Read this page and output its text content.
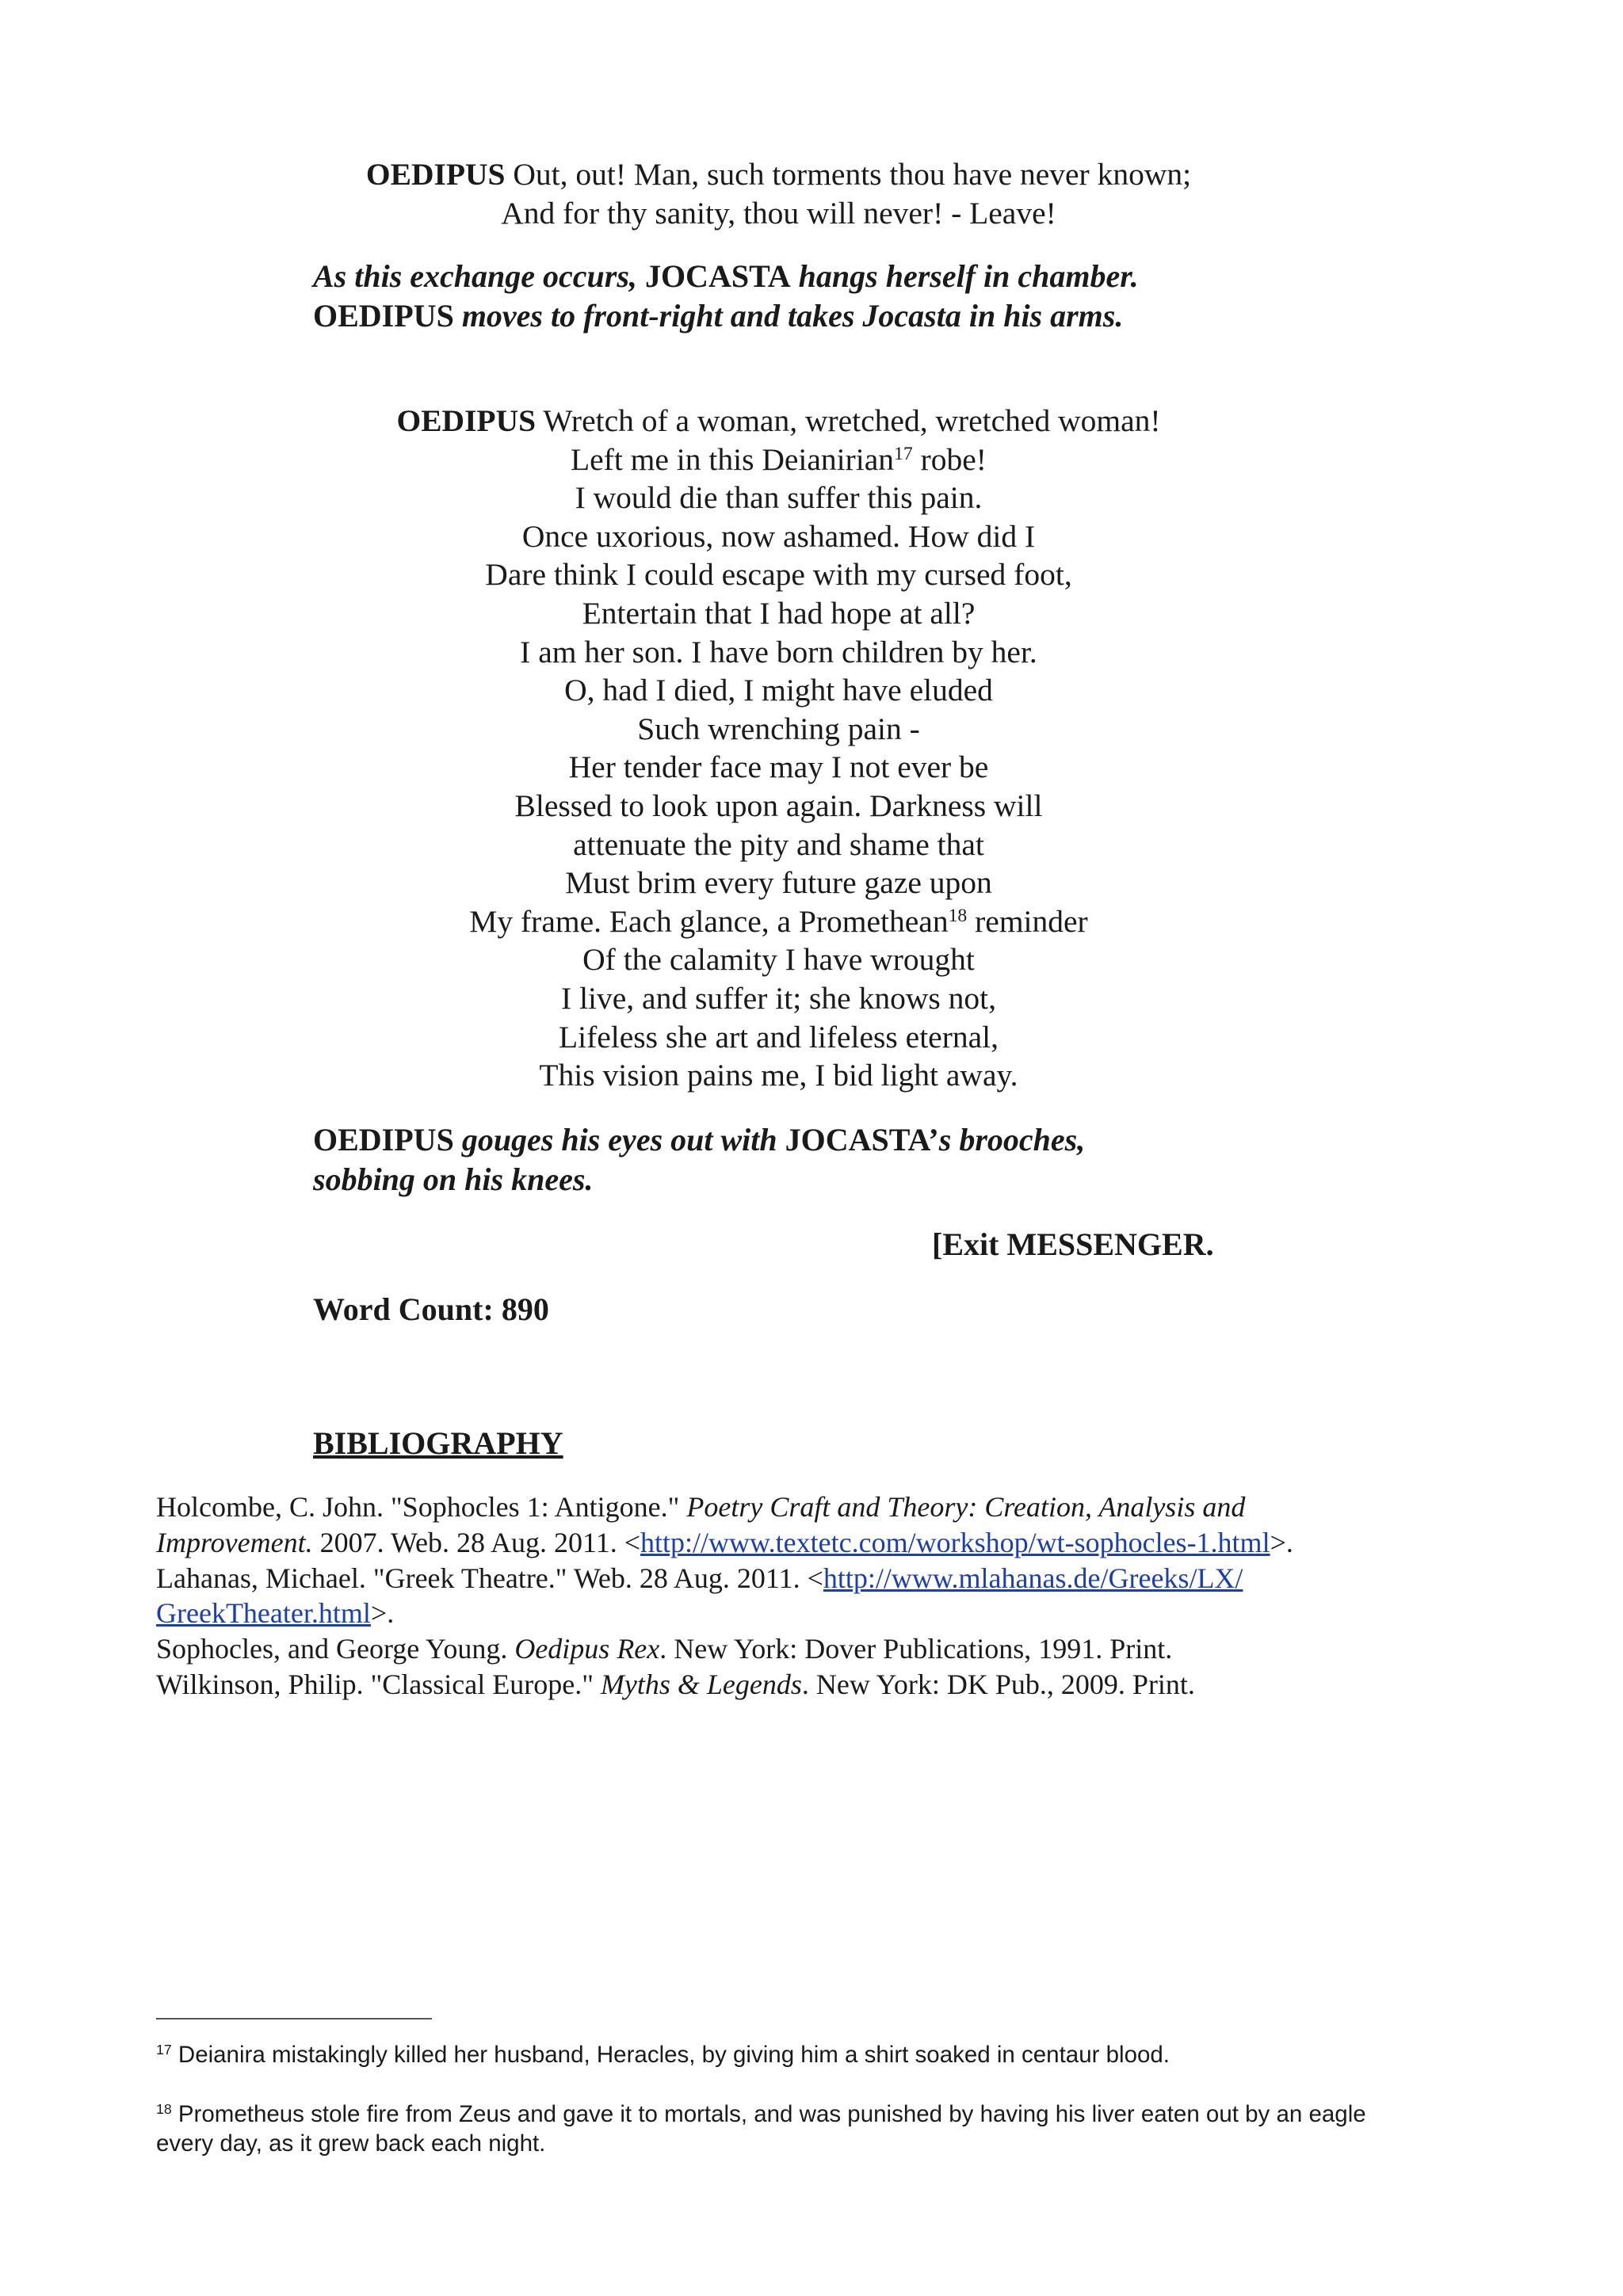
OEDIPUS Out, out! Man, such torments thou have never known;
And for thy sanity, thou will never! - Leave!
As this exchange occurs, JOCASTA hangs herself in chamber.
OEDIPUS moves to front-right and takes Jocasta in his arms.
OEDIPUS Wretch of a woman, wretched, wretched woman!
Left me in this Deianirian$^{17}$ robe!
I would die than suffer this pain.
Once uxorious, now ashamed. How did I
Dare think I could escape with my cursed foot,
Entertain that I had hope at all?
I am her son. I have born children by her.
O, had I died, I might have eluded
Such wrenching pain -
Her tender face may I not ever be
Blessed to look upon again. Darkness will
attenuate the pity and shame that
Must brim every future gaze upon
My frame. Each glance, a Promethean$^{18}$ reminder
Of the calamity I have wrought
I live, and suffer it; she knows not,
Lifeless she art and lifeless eternal,
This vision pains me, I bid light away.
OEDIPUS gouges his eyes out with JOCASTA’s brooches,
sobbing on his knees.
[Exit MESSENGER.
Word Count: 890
BIBLIOGRAPHY
Holcombe, C. John. "Sophocles 1: Antigone." Poetry Craft and Theory: Creation, Analysis and
Improvement. 2007. Web. 28 Aug. 2011. <http://www.textetc.com/workshop/wt-sophocles-1.html>.
Lahanas, Michael. "Greek Theatre." Web. 28 Aug. 2011. <http://www.mlahanas.de/Greeks/LX/
GreekTheater.html>.
Sophocles, and George Young. Oedipus Rex. New York: Dover Publications, 1991. Print.
Wilkinson, Philip. "Classical Europe." Myths & Legends. New York: DK Pub., 2009. Print.
$^{17}$ Deianira mistakingly killed her husband, Heracles, by giving him a shirt soaked in centaur blood.
$^{18}$ Prometheus stole fire from Zeus and gave it to mortals, and was punished by having his liver eaten out by an eagle
every day, as it grew back each night.
